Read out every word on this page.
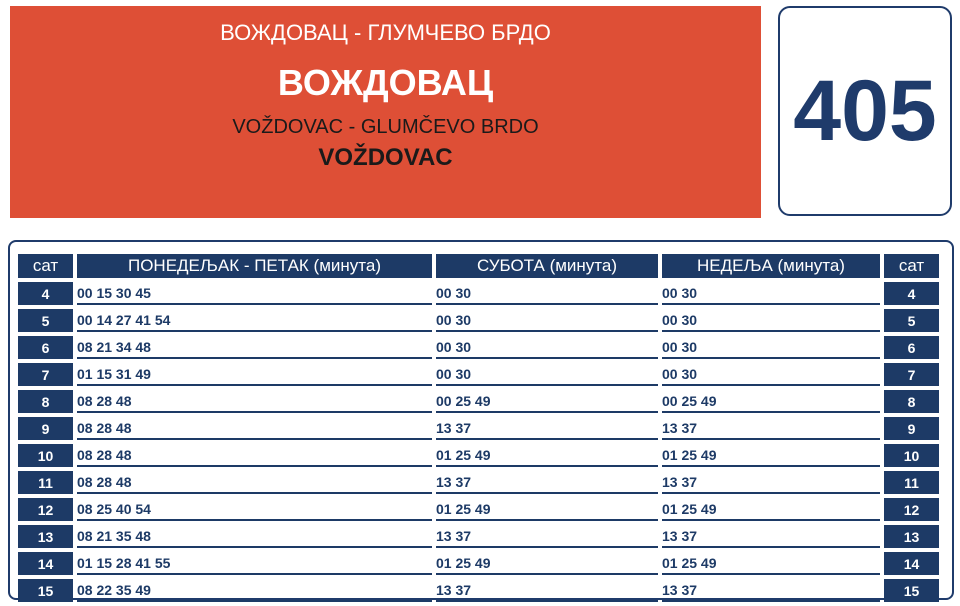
ВОЖДОВАЦ - ГЛУМЧЕВО БРДО
ВОЖДОВАЦ
VOŽDOVAC - GLUMČEVO BRDO
VOŽDOVAC	405
сат	ПОНЕДЕЉАК - ПЕТАК (минута)	СУБОТА (минута)	НЕДЕЉА (минута)	сат
4	00 15 30 45	00 30	00 30	4
5	00 14 27 41 54	00 30	00 30	5
6	08 21 34 48	00 30	00 30	6
7	01 15 31 49	00 30	00 30	7
8	08 28 48	00 25 49	00 25 49	8
9	08 28 48	13 37	13 37	9
10	08 28 48	01 25 49	01 25 49	10
11	08 28 48	13 37	13 37	11
12	08 25 40 54	01 25 49	01 25 49	12
13	08 21 35 48	13 37	13 37	13
14	01 15 28 41 55	01 25 49	01 25 49	14
15	08 22 35 49	13 37	13 37	15
